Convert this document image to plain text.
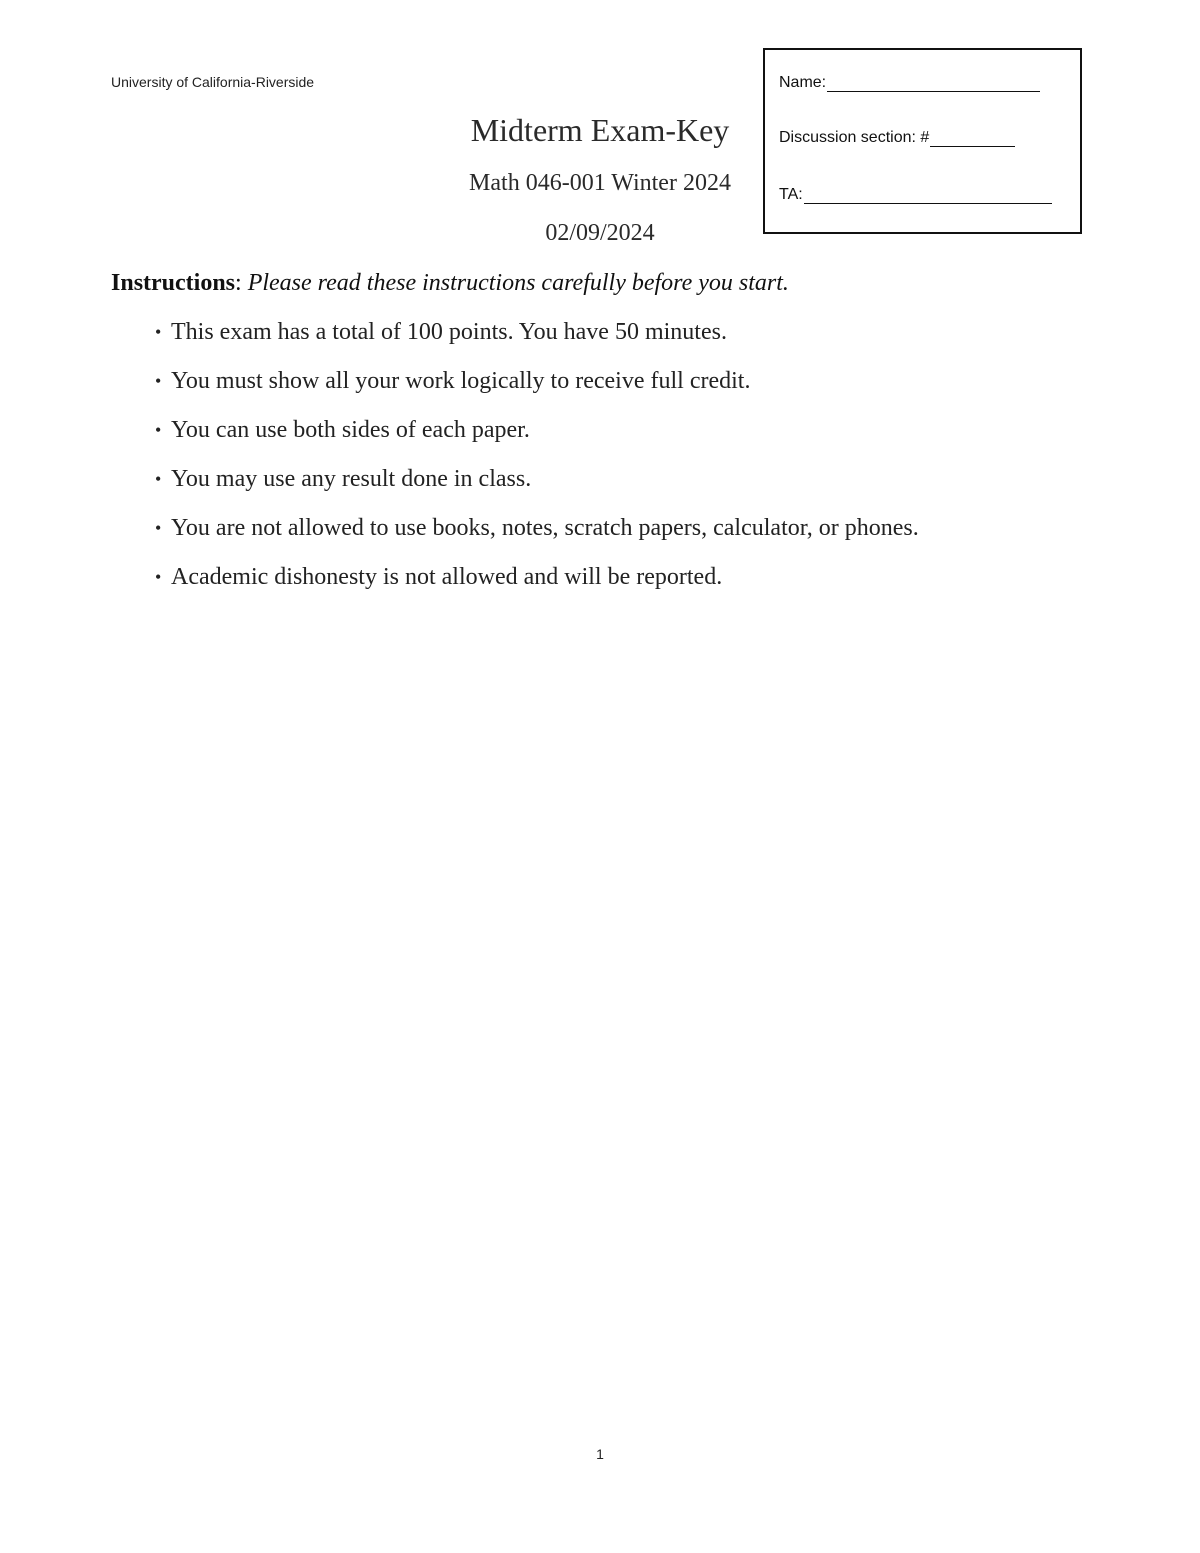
University of California-Riverside
Midterm Exam-Key
Math 046-001 Winter 2024
02/09/2024
Name:
Discussion section: #
TA:
Instructions: Please read these instructions carefully before you start.
• This exam has a total of 100 points. You have 50 minutes.
• You must show all your work logically to receive full credit.
• You can use both sides of each paper.
• You may use any result done in class.
• You are not allowed to use books, notes, scratch papers, calculator, or phones.
• Academic dishonesty is not allowed and will be reported.
1
